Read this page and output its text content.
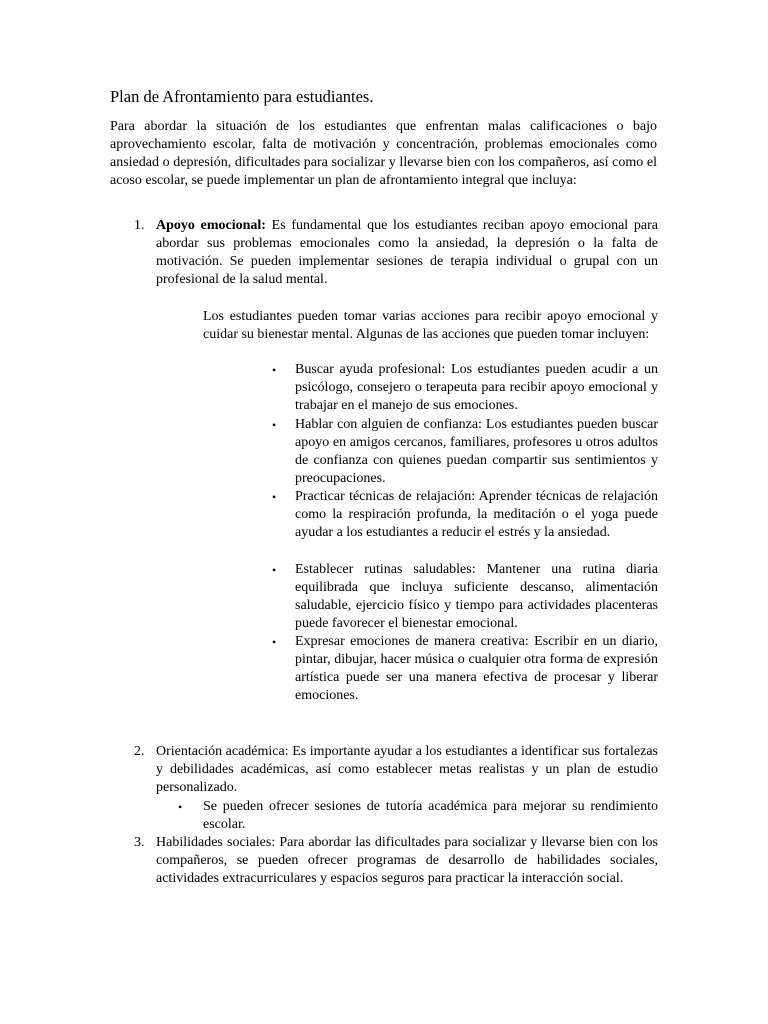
Plan de Afrontamiento para estudiantes.
Para abordar la situación de los estudiantes que enfrentan malas calificaciones o bajo aprovechamiento escolar, falta de motivación y concentración, problemas emocionales como ansiedad o depresión, dificultades para socializar y llevarse bien con los compañeros, así como el acoso escolar, se puede implementar un plan de afrontamiento integral que incluya:
1. Apoyo emocional: Es fundamental que los estudiantes reciban apoyo emocional para abordar sus problemas emocionales como la ansiedad, la depresión o la falta de motivación. Se pueden implementar sesiones de terapia individual o grupal con un profesional de la salud mental.
Los estudiantes pueden tomar varias acciones para recibir apoyo emocional y cuidar su bienestar mental. Algunas de las acciones que pueden tomar incluyen:
• Buscar ayuda profesional: Los estudiantes pueden acudir a un psicólogo, consejero o terapeuta para recibir apoyo emocional y trabajar en el manejo de sus emociones.
• Hablar con alguien de confianza: Los estudiantes pueden buscar apoyo en amigos cercanos, familiares, profesores u otros adultos de confianza con quienes puedan compartir sus sentimientos y preocupaciones.
• Practicar técnicas de relajación: Aprender técnicas de relajación como la respiración profunda, la meditación o el yoga puede ayudar a los estudiantes a reducir el estrés y la ansiedad.
• Establecer rutinas saludables: Mantener una rutina diaria equilibrada que incluya suficiente descanso, alimentación saludable, ejercicio físico y tiempo para actividades placenteras puede favorecer el bienestar emocional.
• Expresar emociones de manera creativa: Escribir en un diario, pintar, dibujar, hacer música o cualquier otra forma de expresión artística puede ser una manera efectiva de procesar y liberar emociones.
2. Orientación académica: Es importante ayudar a los estudiantes a identificar sus fortalezas y debilidades académicas, así como establecer metas realistas y un plan de estudio personalizado.
• Se pueden ofrecer sesiones de tutoría académica para mejorar su rendimiento escolar.
3. Habilidades sociales: Para abordar las dificultades para socializar y llevarse bien con los compañeros, se pueden ofrecer programas de desarrollo de habilidades sociales, actividades extracurriculares y espacios seguros para practicar la interacción social.
